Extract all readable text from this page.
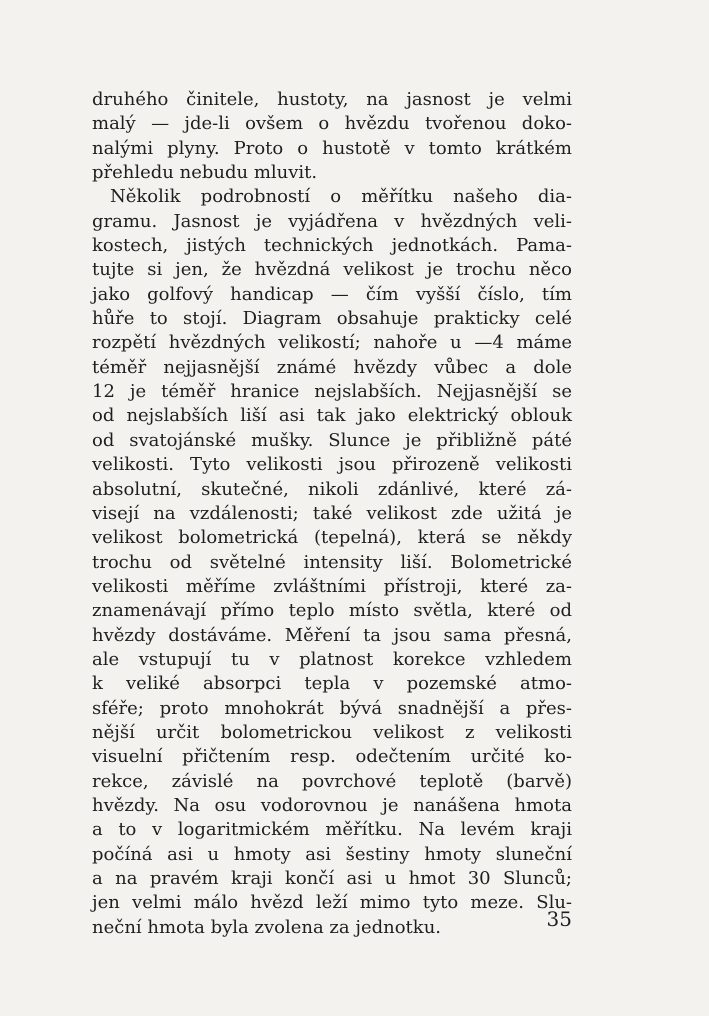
druhého činitele, hustoty, na jasnost je velmi
malý — jde-li ovšem o hvězdu tvořenou doko-
nalými plyny. Proto o hustotě v tomto krátkém
přehledu nebudu mluvit.
Několik podrobností o měřítku našeho dia-
gramu. Jasnost je vyjádřena v hvězdných veli-
kostech, jistých technických jednotkách. Pama-
tujte si jen, že hvězdná velikost je trochu něco
jako golfový handicap — čím vyšší číslo, tím
hůře to stojí. Diagram obsahuje prakticky celé
rozpětí hvězdných velikostí; nahoře u —4 máme
téměř nejjasnější známé hvězdy vůbec a dole
12 je téměř hranice nejslabších. Nejjasnější se
od nejslabších liší asi tak jako elektrický oblouk
od svatojánské mušky. Slunce je přibližně páté
velikosti. Tyto velikosti jsou přirozeně velikosti
absolutní, skutečné, nikoli zdánlivé, které zá-
visejí na vzdálenosti; také velikost zde užitá je
velikost bolometrická (tepelná), která se někdy
trochu od světelné intensity liší. Bolometrické
velikosti měříme zvláštními přístroji, které za-
znamenávají přímo teplo místo světla, které od
hvězdy dostáváme. Měření ta jsou sama přesná,
ale vstupují tu v platnost korekce vzhledem
k veliké absorpci tepla v pozemské atmo-
sféře; proto mnohokrát bývá snadnější a přes-
nější určit bolometrickou velikost z velikosti
visuelní přičtením resp. odečtením určité ko-
rekce, závislé na povrchové teplotě (barvě)
hvězdy. Na osu vodorovnou je nanášena hmota
a to v logaritmickém měřítku. Na levém kraji
počíná asi u hmoty asi šestiny hmoty sluneční
a na pravém kraji končí asi u hmot 30 Slunců;
jen velmi málo hvězd leží mimo tyto meze. Slu-
neční hmota byla zvolena za jednotku.	35
